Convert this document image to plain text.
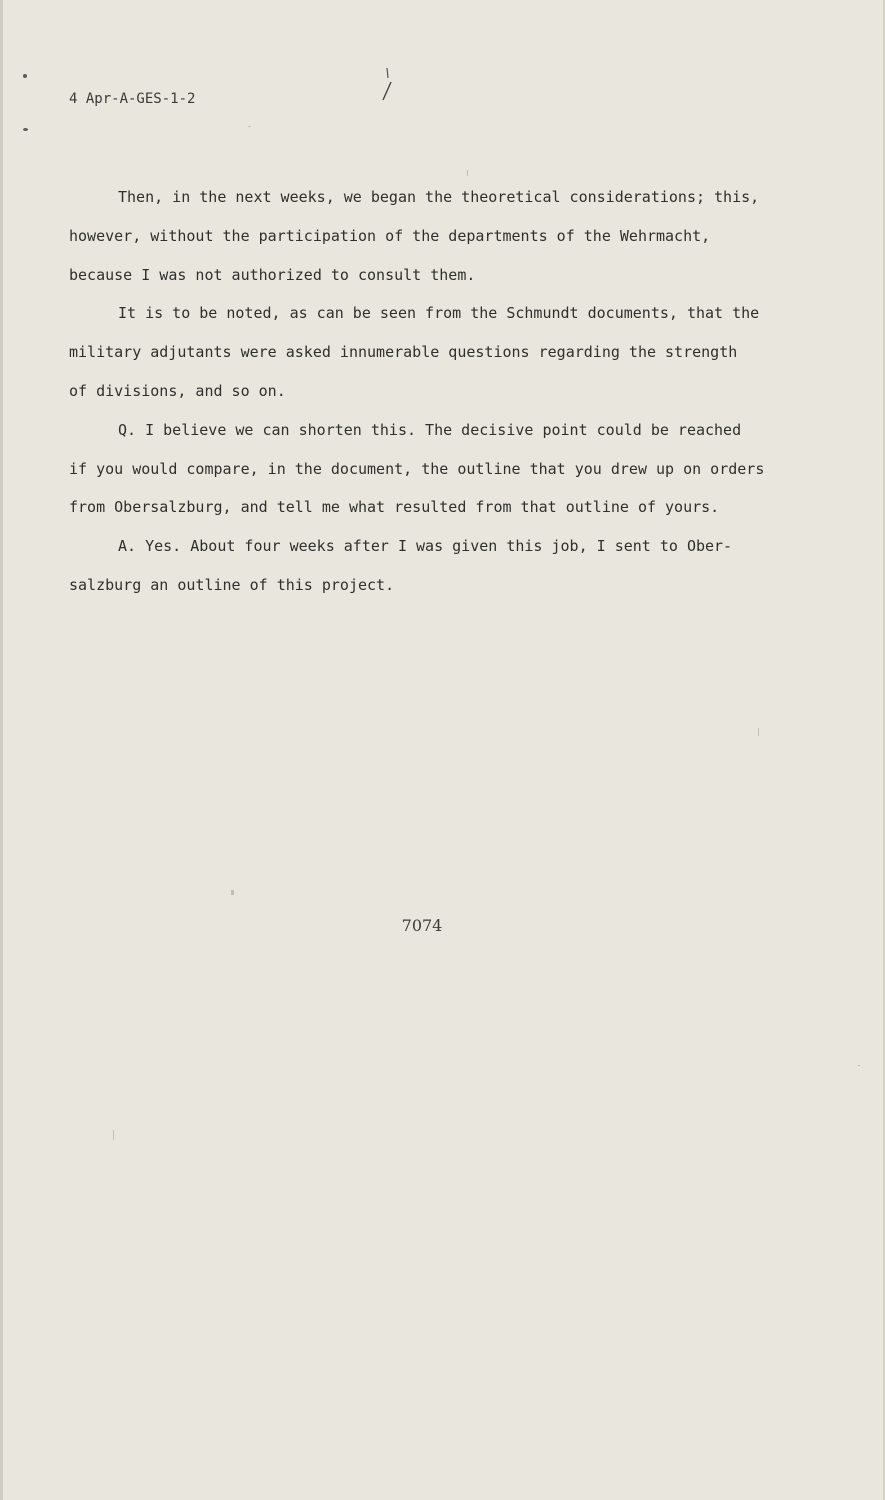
4 Apr-A-GES-1-2

Then, in the next weeks, we began the theoretical considerations; this,
however, without the participation of the departments of the Wehrmacht,
because I was not authorized to consult them.

It is to be noted, as can be seen from the Schmundt documents, that the
military adjutants were asked innumerable questions regarding the strength
of divisions, and so on.

Q. I believe we can shorten this. The decisive point could be reached
if you would compare, in the document, the outline that you drew up on orders
from Obersalzburg, and tell me what resulted from that outline of yours.

A. Yes. About four weeks after I was given this job, I sent to Ober-
salzburg an outline of this project.

7074
